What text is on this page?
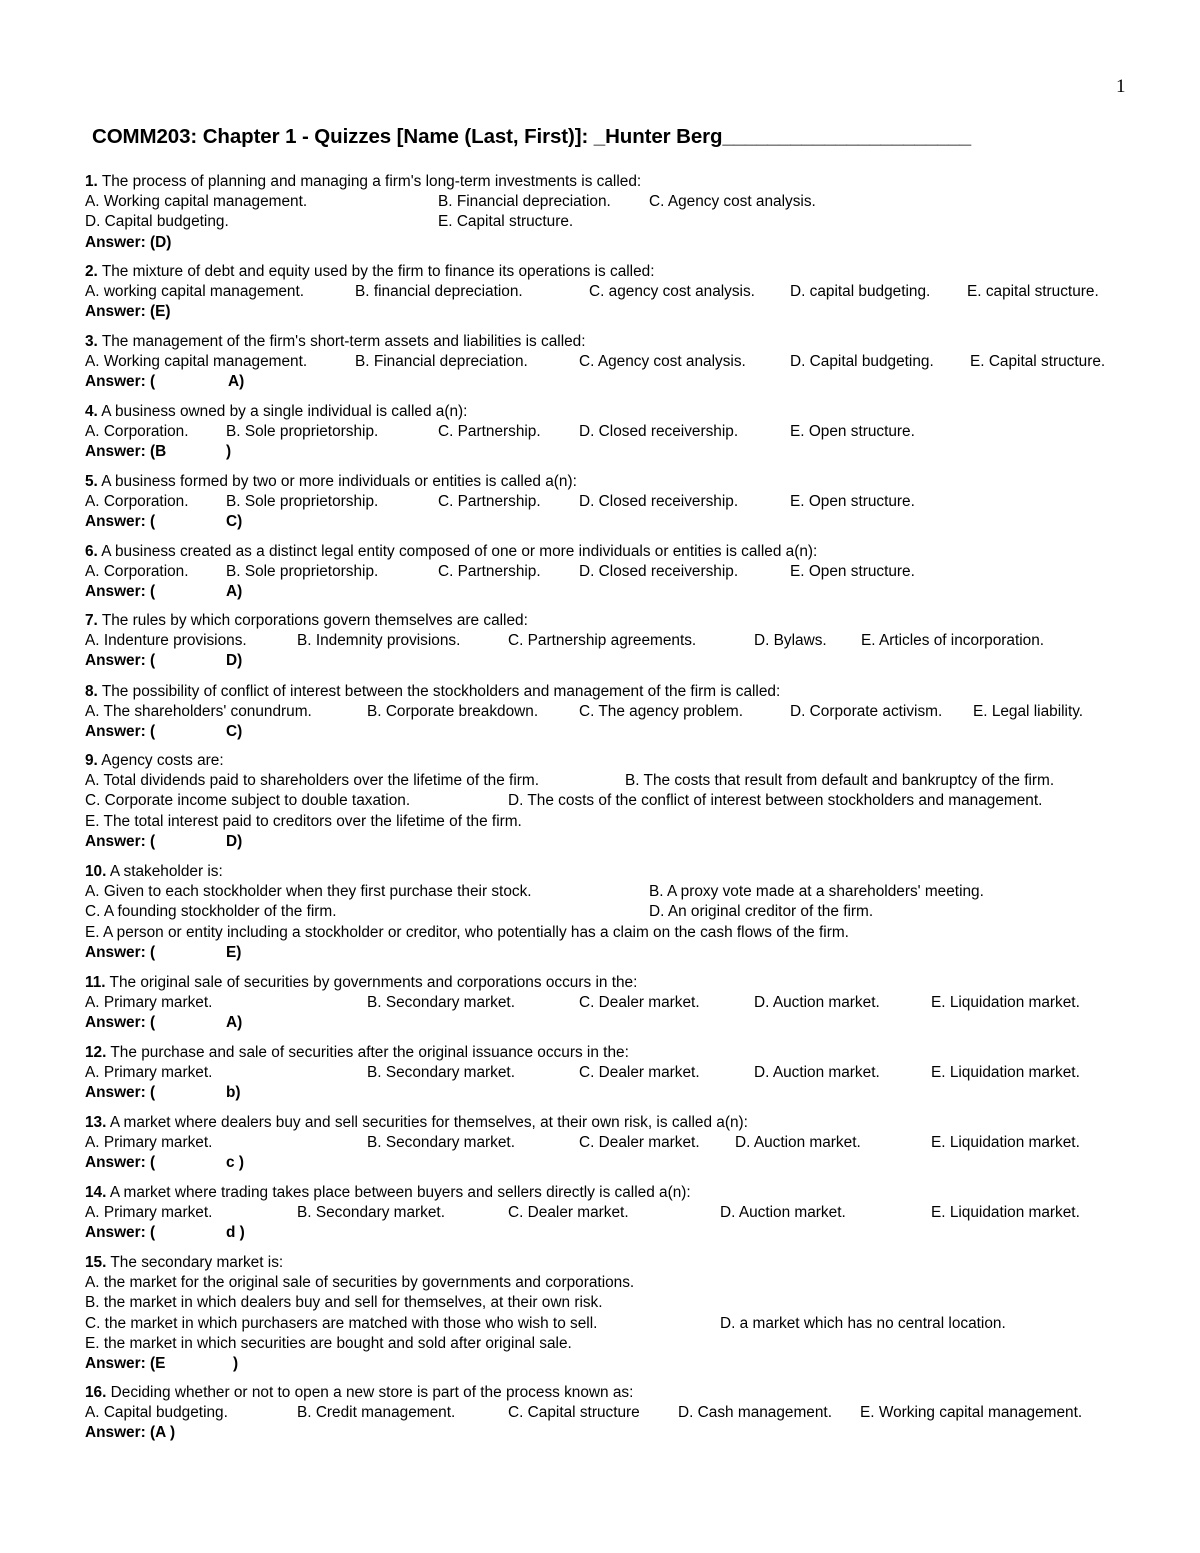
1
COMM203: Chapter 1 - Quizzes [Name (Last, First)]: _Hunter Berg______________________
1. The process of planning and managing a firm's long-term investments is called:
A. Working capital management.	B. Financial depreciation. C. Agency cost analysis.
D. Capital budgeting.	E. Capital structure.
Answer: (D)
2. The mixture of debt and equity used by the firm to finance its operations is called:
A. working capital management.	B. financial depreciation.	C. agency cost analysis. D. capital budgeting. E. capital structure.
Answer: (E)
3. The management of the firm's short-term assets and liabilities is called:
A. Working capital management.	B. Financial depreciation.	C. Agency cost analysis.	D. Capital budgeting. E. Capital structure.
Answer: (	A)
4. A business owned by a single individual is called a(n):
A. Corporation. B. Sole proprietorship.	C. Partnership. D. Closed receivership.	E. Open structure.
Answer: (B	)
5. A business formed by two or more individuals or entities is called a(n):
A. Corporation. B. Sole proprietorship.	C. Partnership. D. Closed receivership.	E. Open structure.
Answer: (	C)
6. A business created as a distinct legal entity composed of one or more individuals or entities is called a(n):
A. Corporation. B. Sole proprietorship.	C. Partnership. D. Closed receivership.	E. Open structure.
Answer: (	A)
7. The rules by which corporations govern themselves are called:
A. Indenture provisions.	B. Indemnity provisions.	C. Partnership agreements.	D. Bylaws. E. Articles of incorporation.
Answer: (	D)
8. The possibility of conflict of interest between the stockholders and management of the firm is called:
A. The shareholders' conundrum.	B. Corporate breakdown.	C. The agency problem.	D. Corporate activism. E. Legal liability.
Answer: (	C)
9. Agency costs are:
A. Total dividends paid to shareholders over the lifetime of the firm.	B. The costs that result from default and bankruptcy of the firm.
C. Corporate income subject to double taxation.	D. The costs of the conflict of interest between stockholders and management.
E. The total interest paid to creditors over the lifetime of the firm.
Answer: (	D)
10. A stakeholder is:
A. Given to each stockholder when they first purchase their stock.	B. A proxy vote made at a shareholders' meeting.
C. A founding stockholder of the firm.	D. An original creditor of the firm.
E. A person or entity including a stockholder or creditor, who potentially has a claim on the cash flows of the firm.
Answer: (	E)
11. The original sale of securities by governments and corporations occurs in the:
A. Primary market.	B. Secondary market.	C. Dealer market.	D. Auction market.	E. Liquidation market.
Answer: (	A)
12. The purchase and sale of securities after the original issuance occurs in the:
A. Primary market.	B. Secondary market.	C. Dealer market.	D. Auction market.	E. Liquidation market.
Answer: (	b)
13. A market where dealers buy and sell securities for themselves, at their own risk, is called a(n):
A. Primary market.	B. Secondary market.	C. Dealer market. D. Auction market.	E. Liquidation market.
Answer: (	c )
14. A market where trading takes place between buyers and sellers directly is called a(n):
A. Primary market.	B. Secondary market.	C. Dealer market.	D. Auction market.	E. Liquidation market.
Answer: (	d )
15. The secondary market is:
A. the market for the original sale of securities by governments and corporations.
B. the market in which dealers buy and sell for themselves, at their own risk.
C. the market in which purchasers are matched with those who wish to sell.	D. a market which has no central location.
E. the market in which securities are bought and sold after original sale.
Answer: (E	)
16. Deciding whether or not to open a new store is part of the process known as:
A. Capital budgeting.	B. Credit management.	C. Capital structure D. Cash management. E. Working capital management.
Answer: (A )
